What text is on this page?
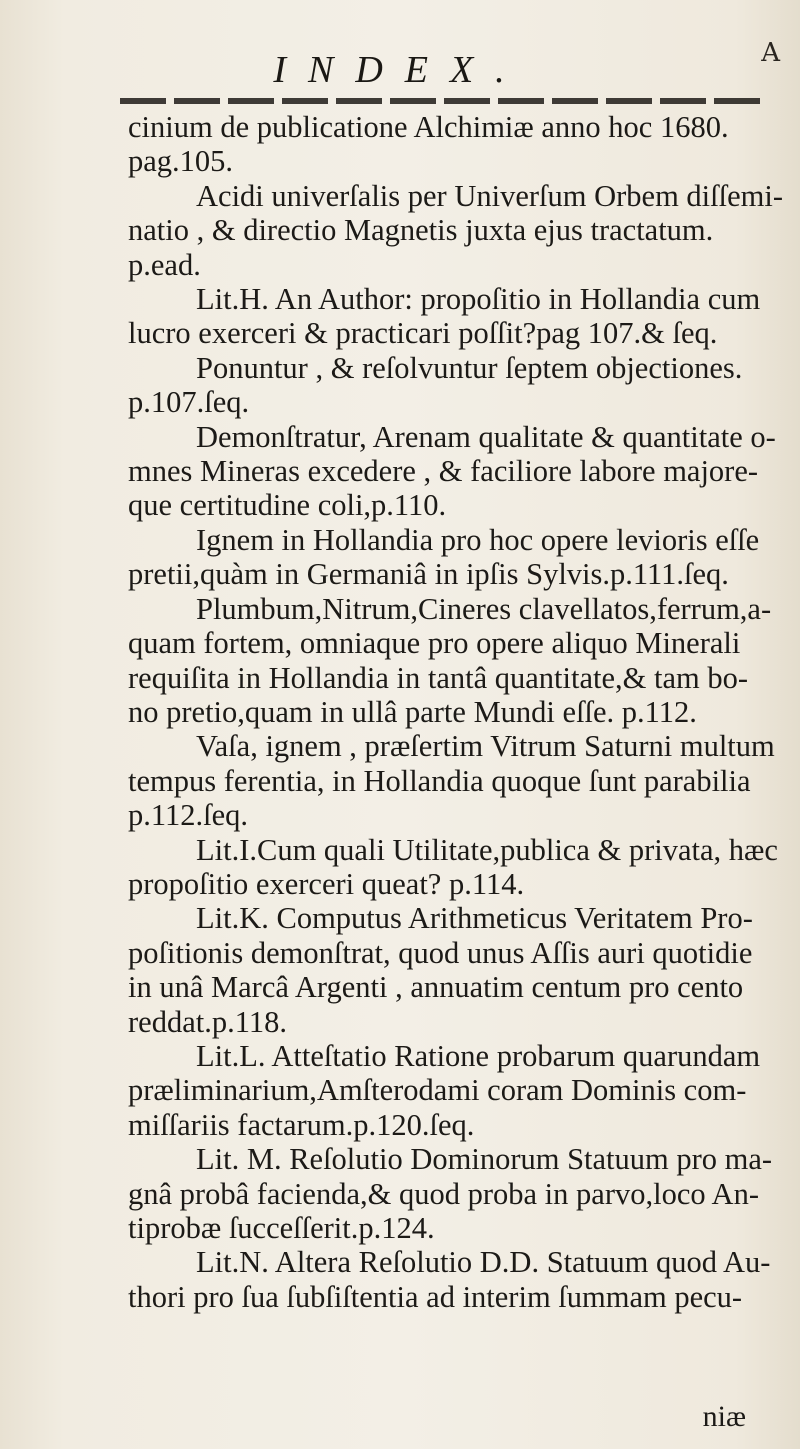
INDEX.	A
cinium de publicatione Alchimiæ anno hoc 1680.
pag.105.
Acidi univerſalis per Univerſum Orbem diſſemi-
natio , & directio Magnetis juxta ejus tractatum.
p.ead.
Lit.H. An Author: propoſitio in Hollandia cum
lucro exerceri & practicari poſſit?pag 107.& ſeq.
Ponuntur , & reſolvuntur ſeptem objectiones.
p.107.ſeq.
Demonſtratur, Arenam qualitate & quantitate o-
mnes Mineras excedere , & faciliore labore majore-
que certitudine coli,p.110.
Ignem in Hollandia pro hoc opere levioris eſſe
pretii,quàm in Germaniâ in ipſis Sylvis.p.111.ſeq.
Plumbum,Nitrum,Cineres clavellatos,ferrum,a-
quam fortem, omniaque pro opere aliquo Minerali
requiſita in Hollandia in tantâ quantitate,& tam bo-
no pretio,quam in ullâ parte Mundi eſſe. p.112.
Vaſa, ignem , præſertim Vitrum Saturni multum
tempus ferentia, in Hollandia quoque ſunt parabilia
p.112.ſeq.
Lit.I.Cum quali Utilitate,publica & privata, hæc
propoſitio exerceri queat? p.114.
Lit.K. Computus Arithmeticus Veritatem Pro-
poſitionis demonſtrat, quod unus Aſſis auri quotidie
in unâ Marcâ Argenti , annuatim centum pro cento
reddat.p.118.
Lit.L. Atteſtatio Ratione probarum quarundam
præliminarium,Amſterodami coram Dominis com-
miſſariis factarum.p.120.ſeq.
Lit. M. Reſolutio Dominorum Statuum pro ma-
gnâ probâ facienda,& quod proba in parvo,loco An-
tiprobæ ſucceſſerit.p.124.
Lit.N. Altera Reſolutio D.D. Statuum quod Au-
thori pro ſua ſubſiſtentia ad interim ſummam pecu-
niæ
